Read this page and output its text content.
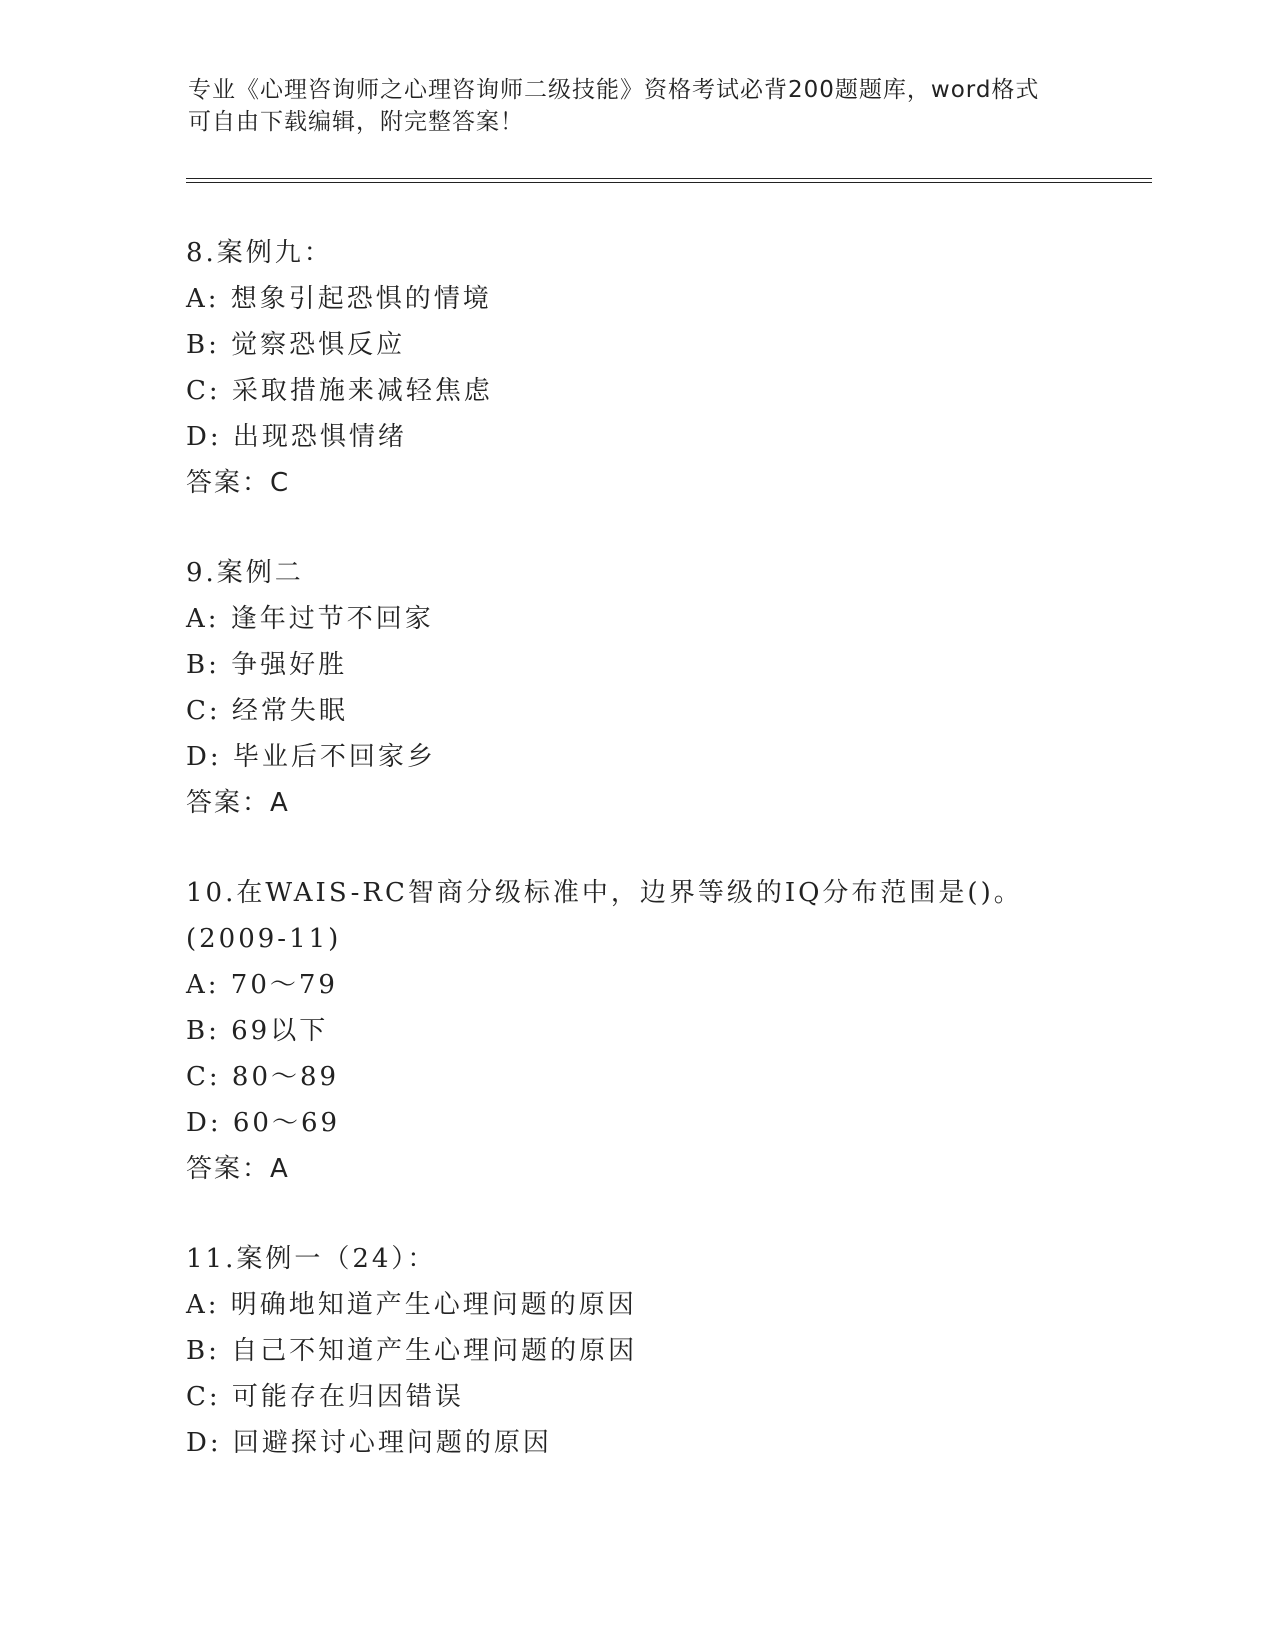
专业《心理咨询师之心理咨询师二级技能》资格考试必背200题题库，word格式
可自由下载编辑，附完整答案！
8.案例九：
A: 想象引起恐惧的情境
B: 觉察恐惧反应
C: 采取措施来减轻焦虑
D: 出现恐惧情绪
答案：C
9.案例二
A: 逢年过节不回家
B: 争强好胜
C: 经常失眠
D: 毕业后不回家乡
答案：A
10.在WAIS-RC智商分级标准中，边界等级的IQ分布范围是()。
(2009-11)
A: 70～79
B: 69以下
C: 80～89
D: 60～69
答案：A
11.案例一（24）：
A: 明确地知道产生心理问题的原因
B: 自己不知道产生心理问题的原因
C: 可能存在归因错误
D: 回避探讨心理问题的原因
